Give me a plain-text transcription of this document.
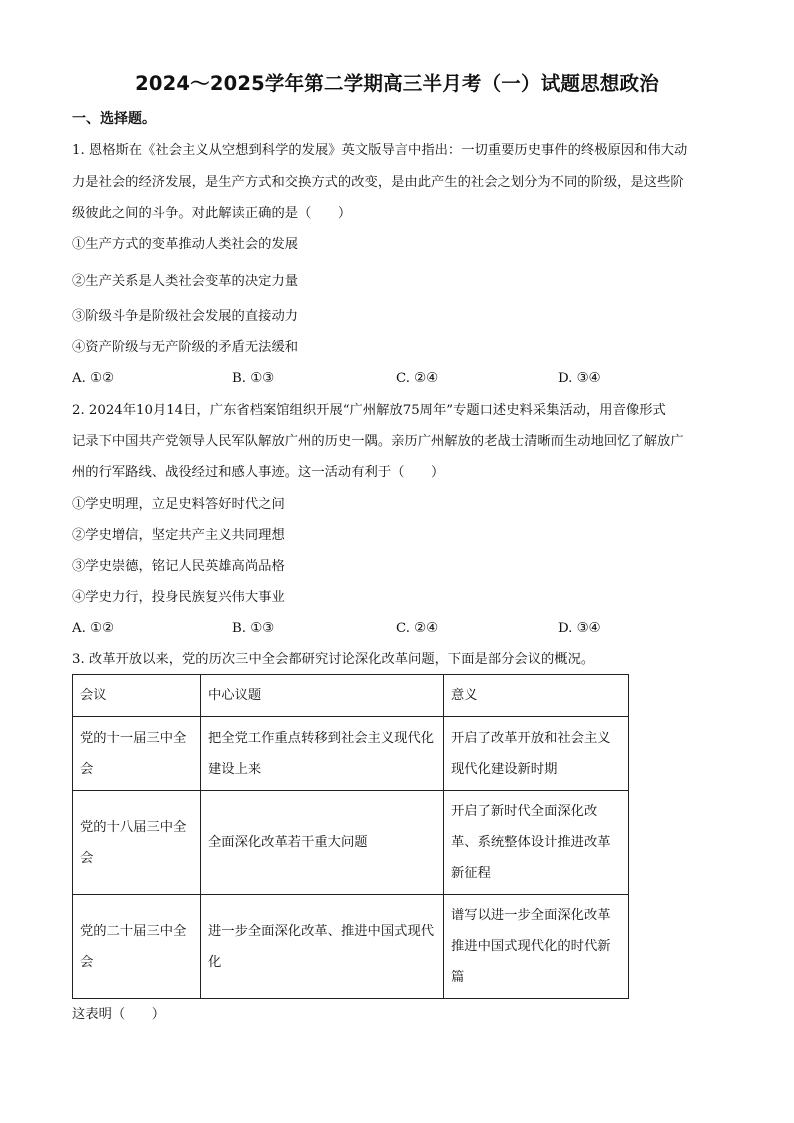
2024～2025学年第二学期高三半月考（一）试题思想政治
一、选择题。
1. 恩格斯在《社会主义从空想到科学的发展》英文版导言中指出：一切重要历史事件的终极原因和伟大动
力是社会的经济发展，是生产方式和交换方式的改变，是由此产生的社会之划分为不同的阶级，是这些阶
级彼此之间的斗争。对此解读正确的是（　　）
①生产方式的变革推动人类社会的发展
②生产关系是人类社会变革的决定力量
③阶级斗争是阶级社会发展的直接动力
④资产阶级与无产阶级的矛盾无法缓和
A. ①②	B. ①③	C. ②④	D. ③④
2. 2024年10月14日，广东省档案馆组织开展“广州解放75周年”专题口述史料采集活动，用音像形式
记录下中国共产党领导人民军队解放广州的历史一隅。亲历广州解放的老战士清晰而生动地回忆了解放广
州的行军路线、战役经过和感人事迹。这一活动有利于（　　）
①学史明理，立足史料答好时代之问
②学史增信，坚定共产主义共同理想
③学史崇德，铭记人民英雄高尚品格
④学史力行，投身民族复兴伟大事业
A. ①②	B. ①③	C. ②④	D. ③④
3. 改革开放以来，党的历次三中全会都研究讨论深化改革问题，下面是部分会议的概况。
会议	中心议题	意义
党的十一届三中全会	把全党工作重点转移到社会主义现代化建设上来	开启了改革开放和社会主义现代化建设新时期
党的十八届三中全会	全面深化改革若干重大问题	开启了新时代全面深化改革、系统整体设计推进改革新征程
党的二十届三中全会	进一步全面深化改革、推进中国式现代化	谱写以进一步全面深化改革推进中国式现代化的时代新篇
这表明（　　）
